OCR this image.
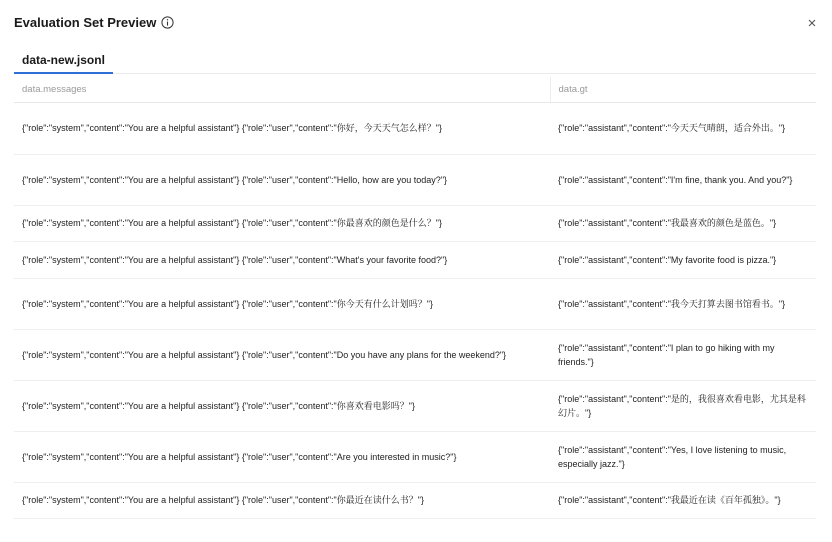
Evaluation Set Preview
data-new.jsonl
data.messages	data.gt
{"role":"system","content":"You are a helpful assistant"} {"role":"user","content":"你好，今天天气怎么样？"}	{"role":"assistant","content":"今天天气晴朗，适合外出。"}
{"role":"system","content":"You are a helpful assistant"} {"role":"user","content":"Hello, how are you today?"}	{"role":"assistant","content":"I'm fine, thank you. And you?"}
{"role":"system","content":"You are a helpful assistant"} {"role":"user","content":"你最喜欢的颜色是什么？"}	{"role":"assistant","content":"我最喜欢的颜色是蓝色。"}
{"role":"system","content":"You are a helpful assistant"} {"role":"user","content":"What's your favorite food?"}	{"role":"assistant","content":"My favorite food is pizza."}
{"role":"system","content":"You are a helpful assistant"} {"role":"user","content":"你今天有什么计划吗？"}	{"role":"assistant","content":"我今天打算去图书馆看书。"}
{"role":"system","content":"You are a helpful assistant"} {"role":"user","content":"Do you have any plans for the weekend?"}	{"role":"assistant","content":"I plan to go hiking with my friends."}
{"role":"system","content":"You are a helpful assistant"} {"role":"user","content":"你喜欢看电影吗？"}	{"role":"assistant","content":"是的，我很喜欢看电影，尤其是科幻片。"}
{"role":"system","content":"You are a helpful assistant"} {"role":"user","content":"Are you interested in music?"}	{"role":"assistant","content":"Yes, I love listening to music, especially jazz."}
{"role":"system","content":"You are a helpful assistant"} {"role":"user","content":"你最近在读什么书？"}	{"role":"assistant","content":"我最近在读《百年孤独》。"}
